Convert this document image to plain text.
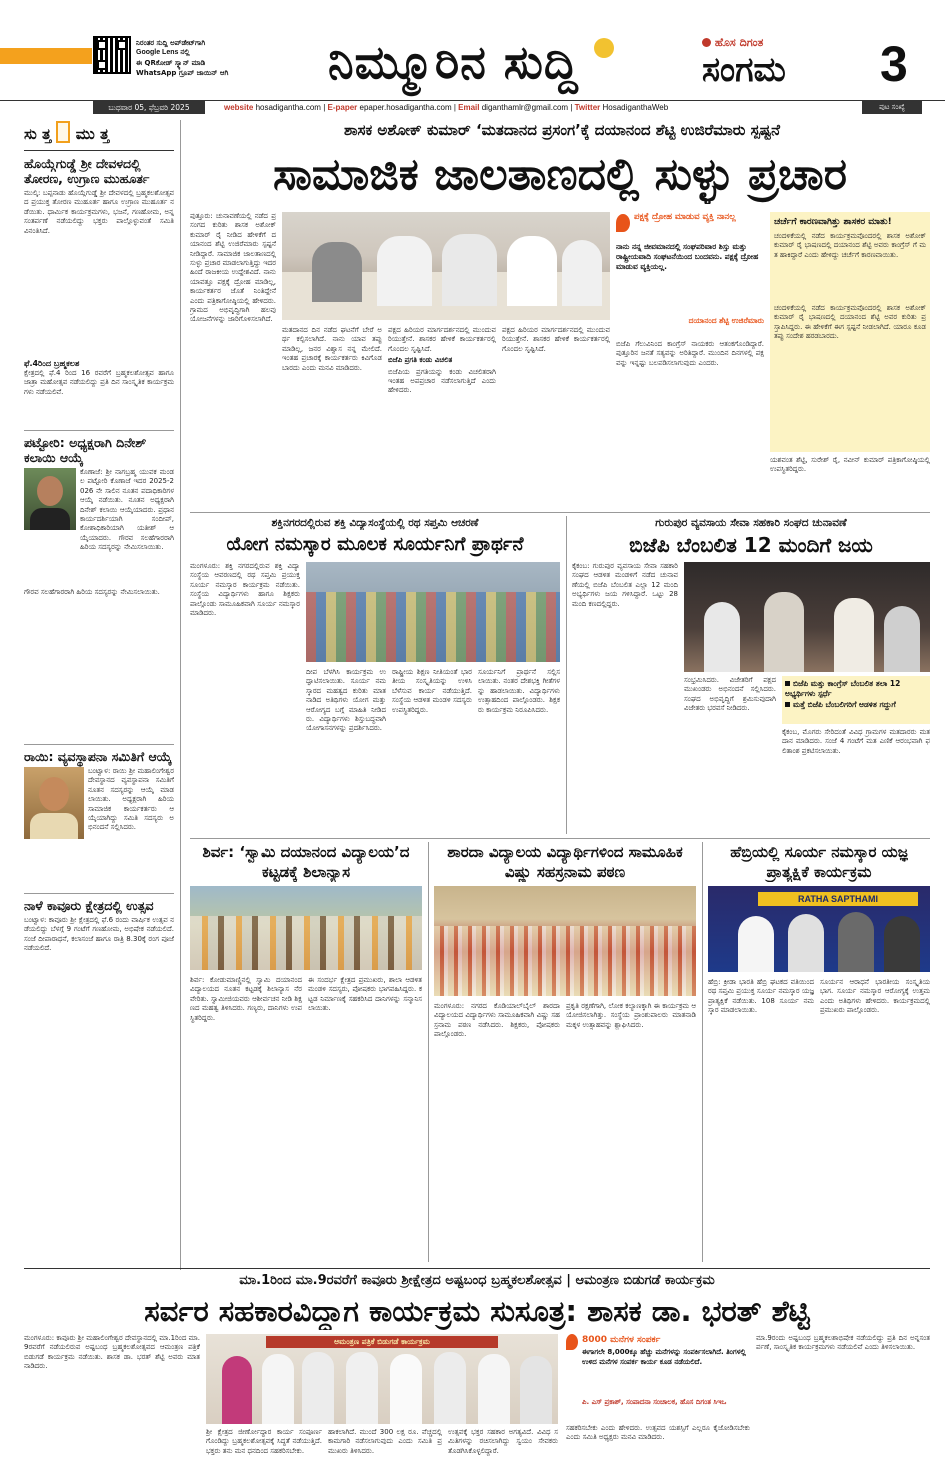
ನಿರಂತರ ಸುದ್ದಿ ಅಪ್‌ಡೇಟ್‌ಗಾಗಿ
Google Lens ನಲ್ಲಿ
ಈ QRಕೋಡ್ ಸ್ಕ್ಯಾನ್ ಮಾಡಿ
WhatsApp ಗ್ರೂಪ್ ಜಾಯಿನ್ ಆಗಿ	ನಿಮ್ಮೂರಿನ ಸುದ್ದಿ	ಹೊಸ ದಿಗಂತ
ಸಂಗಮ 3
ಬುಧವಾರ 05, ಫೆಬ್ರವರಿ 2025	website hosadigantha.com | E-paper epaper.hosadigantha.com | Email diganthamlr@gmail.com | Twitter HosadiganthaWeb	ಪುಟ ಸಂಖ್ಯೆ
ಸು ತ್ತ ಮು ತ್ತ
ಹೊಯ್ಗೆಗುಡ್ಡೆ ಶ್ರೀ ದೇವಳದಲ್ಲಿ ತೋರಣ, ಉಗ್ರಾಣ ಮುಹೂರ್ತ
ಮುಲ್ಕಿ: ಬಪ್ಪನಾಡು ಹೊಯ್ಗೆಗುಡ್ಡೆ ಶ್ರೀ ದೇವಳದಲ್ಲಿ ಬ್ರಹ್ಮಕಲಶೋತ್ಸವದ ಪ್ರಯುಕ್ತ ತೋರಣ ಮುಹೂರ್ತ ಹಾಗೂ ಉಗ್ರಾಣ ಮುಹೂರ್ತ ನಡೆಯಿತು. ಧಾರ್ಮಿಕ ಕಾರ್ಯಕ್ರಮಗಳು, ಭಜನೆ, ಗಣಹೋಮ, ಅನ್ನಸಂತರ್ಪಣೆ ನಡೆಯಲಿದ್ದು ಭಕ್ತರು ಪಾಲ್ಗೊಳ್ಳುವಂತೆ ಸಮಿತಿ ವಿನಂತಿಸಿದೆ.
ಫೆ.4ರಿಂದ ಬ್ರಹ್ಮಕಲಶ
ಕ್ಷೇತ್ರದಲ್ಲಿ ಫೆ.4 ರಿಂದ 16 ರವರೆಗೆ ಬ್ರಹ್ಮಕಲಶೋತ್ಸವ ಹಾಗೂ ಜಾತ್ರಾ ಮಹೋತ್ಸವ ನಡೆಯಲಿದ್ದು ಪ್ರತಿ ದಿನ ಸಾಂಸ್ಕೃತಿಕ ಕಾರ್ಯಕ್ರಮಗಳು ನಡೆಯಲಿವೆ.
ಪಟ್ಟೋರಿ: ಅಧ್ಯಕ್ಷರಾಗಿ ದಿನೇಶ್ ಕಲಾಯಿ ಆಯ್ಕೆ
ಕೊಣಾಜೆ: ಶ್ರೀ ನಾಗಬ್ರಹ್ಮ ಯುವಕ ಮಂಡಲ ಪಟ್ಟೋರಿ ಕೊಣಾಜೆ ಇದರ 2025-2026 ನೇ ಸಾಲಿನ ನೂತನ ಪದಾಧಿಕಾರಿಗಳ ಆಯ್ಕೆ ನಡೆಯಿತು. ನೂತನ ಅಧ್ಯಕ್ಷರಾಗಿ ದಿನೇಶ್ ಕಲಾಯಿ ಆಯ್ಕೆಯಾದರು. ಪ್ರಧಾನ ಕಾರ್ಯದರ್ಶಿಯಾಗಿ ಸಂದೀಪ್, ಕೋಶಾಧಿಕಾರಿಯಾಗಿ ಯತೀಶ್ ಆಯ್ಕೆಯಾದರು. ಗೌರವ ಸಲಹೆಗಾರರಾಗಿ ಹಿರಿಯ ಸದಸ್ಯರನ್ನು ನೇಮಿಸಲಾಯಿತು.
ಗೌರವ ಸಲಹೆಗಾರರಾಗಿ ಹಿರಿಯ ಸದಸ್ಯರನ್ನು ನೇಮಿಸಲಾಯಿತು.
ರಾಯಿ: ವ್ಯವಸ್ಥಾಪನಾ ಸಮಿತಿಗೆ ಆಯ್ಕೆ
ಬಂಟ್ವಾಳ: ರಾಯಿ ಶ್ರೀ ಮಹಾಲಿಂಗೇಶ್ವರ ದೇವಸ್ಥಾನದ ವ್ಯವಸ್ಥಾಪನಾ ಸಮಿತಿಗೆ ನೂತನ ಸದಸ್ಯರನ್ನು ಆಯ್ಕೆ ಮಾಡಲಾಯಿತು. ಅಧ್ಯಕ್ಷರಾಗಿ ಹಿರಿಯ ಸಾಮಾಜಿಕ ಕಾರ್ಯಕರ್ತರು ಆಯ್ಕೆಯಾಗಿದ್ದು ಸಮಿತಿ ಸದಸ್ಯರು ಅಭಿನಂದನೆ ಸಲ್ಲಿಸಿದರು.
ನಾಳೆ ಕಾವೂರು ಕ್ಷೇತ್ರದಲ್ಲಿ ಉತ್ಸವ
ಬಂಟ್ವಾಳ: ಕಾವೂರು ಶ್ರೀ ಕ್ಷೇತ್ರದಲ್ಲಿ ಫೆ.6 ರಂದು ವಾರ್ಷಿಕ ಉತ್ಸವ ನಡೆಯಲಿದ್ದು ಬೆಳಗ್ಗೆ 9 ಗಂಟೆಗೆ ಗಣಹೋಮ, ಅಭಿಷೇಕ ನಡೆಯಲಿದೆ. ಸಂಜೆ ದೀಪಾರಾಧನೆ, ಕಲಾಸಂಜೆ ಹಾಗೂ ರಾತ್ರಿ 8.30ಕ್ಕೆ ರಂಗ ಪೂಜೆ ನಡೆಯಲಿದೆ.
ಶಾಸಕ ಅಶೋಕ್ ಕುಮಾರ್ ‘ಮತದಾನದ ಪ್ರಸಂಗ’ಕ್ಕೆ ದಯಾನಂದ ಶೆಟ್ಟಿ ಉಜಿರೆಮಾರು ಸ್ಪಷ್ಟನೆ
ಸಾಮಾಜಿಕ ಜಾಲತಾಣದಲ್ಲಿ ಸುಳ್ಳು ಪ್ರಚಾರ
ಪುತ್ತೂರು: ಚುನಾವಣೆಯಲ್ಲಿ ನಡೆದ ಪ್ರಸಂಗದ ಕುರಿತು ಶಾಸಕ ಅಶೋಕ್ ಕುಮಾರ್ ರೈ ನೀಡಿದ ಹೇಳಿಕೆಗೆ ದಯಾನಂದ ಶೆಟ್ಟಿ ಉಜಿರೆಮಾರು ಸ್ಪಷ್ಟನೆ ನೀಡಿದ್ದಾರೆ. ಸಾಮಾಜಿಕ ಜಾಲತಾಣದಲ್ಲಿ ಸುಳ್ಳು ಪ್ರಚಾರ ಮಾಡಲಾಗುತ್ತಿದ್ದು ಇದರ ಹಿಂದೆ ರಾಜಕೀಯ ಉದ್ದೇಶವಿದೆ. ನಾನು ಯಾವತ್ತೂ ಪಕ್ಷಕ್ಕೆ ದ್ರೋಹ ಮಾಡಿಲ್ಲ, ಕಾರ್ಯಕರ್ತರ ಜೊತೆ ನಿಂತಿದ್ದೇನೆ ಎಂದು ಪತ್ರಿಕಾಗೋಷ್ಠಿಯಲ್ಲಿ ಹೇಳಿದರು. ಗ್ರಾಮದ ಅಭಿವೃದ್ಧಿಗಾಗಿ ಹಲವು ಯೋಜನೆಗಳನ್ನು ಜಾರಿಗೊಳಿಸಲಾಗಿದೆ.
ಮತದಾನದ ದಿನ ನಡೆದ ಘಟನೆಗೆ ಬೇರೆ ಅರ್ಥ ಕಲ್ಪಿಸಲಾಗಿದೆ. ನಾನು ಯಾವ ತಪ್ಪು ಮಾಡಿಲ್ಲ, ಜನರ ವಿಶ್ವಾಸ ನನ್ನ ಮೇಲಿದೆ. ಇಂತಹ ಪ್ರಚಾರಕ್ಕೆ ಕಾರ್ಯಕರ್ತರು ಕಿವಿಗೊಡಬಾರದು ಎಂದು ಮನವಿ ಮಾಡಿದರು.
ಪಕ್ಷದ ಹಿರಿಯರ ಮಾರ್ಗದರ್ಶನದಲ್ಲಿ ಮುಂದುವರಿಯುತ್ತೇನೆ. ಶಾಸಕರ ಹೇಳಿಕೆ ಕಾರ್ಯಕರ್ತರಲ್ಲಿ ಗೊಂದಲ ಸೃಷ್ಟಿಸಿದೆ.
ಬಿಜೆಪಿ ಪ್ರಗತಿ ಕಂಡು ವಿಚಲಿತ
ಬಿಜೆಪಿಯ ಪ್ರಗತಿಯನ್ನು ಕಂಡು ವಿಚಲಿತರಾಗಿ ಇಂತಹ ಅಪಪ್ರಚಾರ ನಡೆಸಲಾಗುತ್ತಿದೆ ಎಂದು ಹೇಳಿದರು.
ಪಕ್ಷದ ಹಿರಿಯರ ಮಾರ್ಗದರ್ಶನದಲ್ಲಿ ಮುಂದುವರಿಯುತ್ತೇನೆ. ಶಾಸಕರ ಹೇಳಿಕೆ ಕಾರ್ಯಕರ್ತರಲ್ಲಿ ಗೊಂದಲ ಸೃಷ್ಟಿಸಿದೆ.
ಪಕ್ಷಕ್ಕೆ ದ್ರೋಹ ಮಾಡುವ ವ್ಯಕ್ತಿ ನಾನಲ್ಲ
ನಾನು ನನ್ನ ಜೀವಮಾನದಲ್ಲಿ ಸಂಘಪರಿವಾರ ಶಿಸ್ತು ಮತ್ತು ರಾಷ್ಟ್ರೀಯವಾದಿ ಸಂಘಟನೆಯಿಂದ ಬಂದವನು. ಪಕ್ಷಕ್ಕೆ ದ್ರೋಹ ಮಾಡುವ ವ್ಯಕ್ತಿಯಲ್ಲ.
ದಯಾನಂದ ಶೆಟ್ಟಿ ಉಜಿರೆಮಾರು
ಬಿಜೆಪಿ ಗೆಲುವಿನಿಂದ ಕಾಂಗ್ರೆಸ್ ನಾಯಕರು ಆತಂಕಗೊಂಡಿದ್ದಾರೆ. ಪುತ್ತೂರಿನ ಜನತೆ ಸತ್ಯವನ್ನು ಅರಿತಿದ್ದಾರೆ. ಮುಂದಿನ ದಿನಗಳಲ್ಲಿ ಪಕ್ಷವನ್ನು ಇನ್ನಷ್ಟು ಬಲಪಡಿಸಲಾಗುವುದು ಎಂದರು.
ಚರ್ಚೆಗೆ ಕಾರಣವಾಗಿತ್ತು ಶಾಸಕರ ಮಾತು!
ಚಂದಳಿಕೆಯಲ್ಲಿ ನಡೆದ ಕಾರ್ಯಕ್ರಮವೊಂದರಲ್ಲಿ ಶಾಸಕ ಅಶೋಕ್ ಕುಮಾರ್ ರೈ ಭಾಷಣದಲ್ಲಿ ದಯಾನಂದ ಶೆಟ್ಟಿ ಅವರು ಕಾಂಗ್ರೆಸ್ ಗೆ ಮತ ಹಾಕಿದ್ದಾರೆ ಎಂದು ಹೇಳಿದ್ದು ಚರ್ಚೆಗೆ ಕಾರಣವಾಯಿತು.
ಚಂದಳಿಕೆಯಲ್ಲಿ ನಡೆದ ಕಾರ್ಯಕ್ರಮವೊಂದರಲ್ಲಿ ಶಾಸಕ ಅಶೋಕ್ ಕುಮಾರ್ ರೈ ಭಾಷಣದಲ್ಲಿ ದಯಾನಂದ ಶೆಟ್ಟಿ ಅವರ ಕುರಿತು ಪ್ರಸ್ತಾಪಿಸಿದ್ದರು. ಈ ಹೇಳಿಕೆಗೆ ಈಗ ಸ್ಪಷ್ಟನೆ ನೀಡಲಾಗಿದೆ. ಯಾರೂ ಕೂಡ ತಪ್ಪು ಸಂದೇಶ ಹರಡಬಾರದು.
ಯಶವಂತ ಶೆಟ್ಟಿ, ಸುರೇಶ್ ರೈ, ನವೀನ್ ಕುಮಾರ್ ಪತ್ರಿಕಾಗೋಷ್ಠಿಯಲ್ಲಿ ಉಪಸ್ಥಿತರಿದ್ದರು.
ಶಕ್ತಿನಗರದಲ್ಲಿರುವ ಶಕ್ತಿ ವಿದ್ಯಾಸಂಸ್ಥೆಯಲ್ಲಿ ರಥ ಸಪ್ತಮಿ ಆಚರಣೆ
ಯೋಗ ನಮಸ್ಕಾರ ಮೂಲಕ ಸೂರ್ಯನಿಗೆ ಪ್ರಾರ್ಥನೆ
ಮಂಗಳೂರು: ಶಕ್ತಿ ನಗರದಲ್ಲಿರುವ ಶಕ್ತಿ ವಿದ್ಯಾ ಸಂಸ್ಥೆಯ ಆವರಣದಲ್ಲಿ ರಥ ಸಪ್ತಮಿ ಪ್ರಯುಕ್ತ ಸೂರ್ಯ ನಮಸ್ಕಾರ ಕಾರ್ಯಕ್ರಮ ನಡೆಯಿತು. ಸಂಸ್ಥೆಯ ವಿದ್ಯಾರ್ಥಿಗಳು ಹಾಗೂ ಶಿಕ್ಷಕರು ಪಾಲ್ಗೊಂಡು ಸಾಮೂಹಿಕವಾಗಿ ಸೂರ್ಯ ನಮಸ್ಕಾರ ಮಾಡಿದರು.
ದೀಪ ಬೆಳಗಿಸಿ ಕಾರ್ಯಕ್ರಮ ಉದ್ಘಾಟಿಸಲಾಯಿತು. ಸೂರ್ಯ ನಮಸ್ಕಾರದ ಮಹತ್ವದ ಕುರಿತು ಮಾತನಾಡಿದ ಅತಿಥಿಗಳು ಯೋಗ ಮತ್ತು ಆರೋಗ್ಯದ ಬಗ್ಗೆ ಮಾಹಿತಿ ನೀಡಿದರು. ವಿದ್ಯಾರ್ಥಿಗಳು ಶಿಸ್ತುಬದ್ಧವಾಗಿ ಯೋಗಾಸನಗಳನ್ನು ಪ್ರದರ್ಶಿಸಿದರು.
ರಾಷ್ಟ್ರೀಯ ಶಿಕ್ಷಣ ನೀತಿಯಂತೆ ಭಾರತೀಯ ಸಂಸ್ಕೃತಿಯನ್ನು ಉಳಿಸಿ ಬೆಳೆಸುವ ಕಾರ್ಯ ನಡೆಯುತ್ತಿದೆ. ಸಂಸ್ಥೆಯ ಆಡಳಿತ ಮಂಡಳಿ ಸದಸ್ಯರು ಉಪಸ್ಥಿತರಿದ್ದರು.
ಸೂರ್ಯನಿಗೆ ಪ್ರಾರ್ಥನೆ ಸಲ್ಲಿಸಲಾಯಿತು. ನಂತರ ದೇಶಭಕ್ತಿ ಗೀತೆಗಳನ್ನು ಹಾಡಲಾಯಿತು. ವಿದ್ಯಾರ್ಥಿಗಳು ಉತ್ಸಾಹದಿಂದ ಪಾಲ್ಗೊಂಡರು. ಶಿಕ್ಷಕರು ಕಾರ್ಯಕ್ರಮ ನಿರೂಪಿಸಿದರು.
ಗುರುಪುರ ವ್ಯವಸಾಯ ಸೇವಾ ಸಹಕಾರಿ ಸಂಘದ ಚುನಾವಣೆ
ಬಿಜೆಪಿ ಬೆಂಬಲಿತ 12 ಮಂದಿಗೆ ಜಯ
ಕೈಕಂಬ: ಗುರುಪುರ ವ್ಯವಸಾಯ ಸೇವಾ ಸಹಕಾರಿ ಸಂಘದ ಆಡಳಿತ ಮಂಡಳಿಗೆ ನಡೆದ ಚುನಾವಣೆಯಲ್ಲಿ ಬಿಜೆಪಿ ಬೆಂಬಲಿತ ಎಲ್ಲಾ 12 ಮಂದಿ ಅಭ್ಯರ್ಥಿಗಳು ಜಯ ಗಳಿಸಿದ್ದಾರೆ. ಒಟ್ಟು 28 ಮಂದಿ ಕಣದಲ್ಲಿದ್ದರು.
ಸಂಭ್ರಮಿಸಿದರು. ವಿಜೇತರಿಗೆ ಪಕ್ಷದ ಮುಖಂಡರು ಅಭಿನಂದನೆ ಸಲ್ಲಿಸಿದರು. ಸಂಘದ ಅಭಿವೃದ್ಧಿಗೆ ಶ್ರಮಿಸುವುದಾಗಿ ವಿಜೇತರು ಭರವಸೆ ನೀಡಿದರು.
ಬಿಜೆಪಿ ಮತ್ತು ಕಾಂಗ್ರೆಸ್ ಬೆಂಬಲಿತ ತಲಾ 12 ಅಭ್ಯರ್ಥಿಗಳು ಸ್ಪರ್ಧೆ
ಮತ್ತೆ ಬಿಜೆಪಿ ಬೆಂಬಲಿಗರಿಗೆ ಆಡಳಿತ ಗದ್ದುಗೆ
ಕೈಕಂಬ, ಮೊಗರು ಸೇರಿದಂತೆ ವಿವಿಧ ಗ್ರಾಮಗಳ ಮತದಾರರು ಮತದಾನ ಮಾಡಿದರು. ಸಂಜೆ 4 ಗಂಟೆಗೆ ಮತ ಎಣಿಕೆ ಆರಂಭವಾಗಿ ಫಲಿತಾಂಶ ಪ್ರಕಟಿಸಲಾಯಿತು.
ಶಿರ್ವ: ‘ಸ್ವಾಮಿ ದಯಾನಂದ ವಿದ್ಯಾಲಯ’ದ ಕಟ್ಟಡಕ್ಕೆ ಶಿಲಾನ್ಯಾಸ
ಶಿರ್ವ: ಕೋಡುಮಾಣ್ಣಿನಲ್ಲಿ ಸ್ವಾಮಿ ದಯಾನಂದ ವಿದ್ಯಾಲಯದ ನೂತನ ಕಟ್ಟಡಕ್ಕೆ ಶಿಲಾನ್ಯಾಸ ನೆರವೇರಿತು. ಸ್ವಾಮೀಜಿಯವರು ಆಶೀರ್ವಚನ ನೀಡಿ ಶಿಕ್ಷಣದ ಮಹತ್ವ ತಿಳಿಸಿದರು. ಗಣ್ಯರು, ದಾನಿಗಳು ಉಪಸ್ಥಿತರಿದ್ದರು.
ಈ ಸಂದರ್ಭ ಕ್ಷೇತ್ರದ ಪ್ರಮುಖರು, ಶಾಲಾ ಆಡಳಿತ ಮಂಡಳಿ ಸದಸ್ಯರು, ಪೋಷಕರು ಭಾಗವಹಿಸಿದ್ದರು. ಕಟ್ಟಡ ನಿರ್ಮಾಣಕ್ಕೆ ಸಹಕರಿಸಿದ ದಾನಿಗಳನ್ನು ಸನ್ಮಾನಿಸಲಾಯಿತು.
ಶಾರದಾ ವಿದ್ಯಾಲಯ ವಿದ್ಯಾರ್ಥಿಗಳಿಂದ ಸಾಮೂಹಿಕ ವಿಷ್ಣು ಸಹಸ್ರನಾಮ ಪಠಣ
ಮಂಗಳೂರು: ನಗರದ ಕೊಡಿಯಾಲ್‌ಬೈಲ್ ಶಾರದಾ ವಿದ್ಯಾಲಯದ ವಿದ್ಯಾರ್ಥಿಗಳು ಸಾಮೂಹಿಕವಾಗಿ ವಿಷ್ಣು ಸಹಸ್ರನಾಮ ಪಠಣ ನಡೆಸಿದರು. ಶಿಕ್ಷಕರು, ಪೋಷಕರು ಪಾಲ್ಗೊಂಡರು.
ಪ್ರಕೃತಿ ರಕ್ಷಣೆಗಾಗಿ, ಲೋಕ ಕಲ್ಯಾಣಕ್ಕಾಗಿ ಈ ಕಾರ್ಯಕ್ರಮ ಆಯೋಜಿಸಲಾಗಿತ್ತು. ಸಂಸ್ಥೆಯ ಪ್ರಾಂಶುಪಾಲರು ಮಾತನಾಡಿ ಮಕ್ಕಳ ಉತ್ಸಾಹವನ್ನು ಶ್ಲಾಘಿಸಿದರು.
ಹೆಬ್ರಿಯಲ್ಲಿ ಸೂರ್ಯ ನಮಸ್ಕಾರ ಯಜ್ಞ ಪ್ರಾತ್ಯಕ್ಷಿಕೆ ಕಾರ್ಯಕ್ರಮ
RATHA SAPTHAMI
ಹೆಬ್ರಿ: ಕ್ರೀಡಾ ಭಾರತಿ ಹೆಬ್ರಿ ಘಟಕದ ವತಿಯಿಂದ ರಥ ಸಪ್ತಮಿ ಪ್ರಯುಕ್ತ ಸೂರ್ಯ ನಮಸ್ಕಾರ ಯಜ್ಞ ಪ್ರಾತ್ಯಕ್ಷಿಕೆ ನಡೆಯಿತು. 108 ಸೂರ್ಯ ನಮಸ್ಕಾರ ಮಾಡಲಾಯಿತು.
ಸೂರ್ಯನ ಆರಾಧನೆ ಭಾರತೀಯ ಸಂಸ್ಕೃತಿಯ ಭಾಗ. ಸೂರ್ಯ ನಮಸ್ಕಾರ ಆರೋಗ್ಯಕ್ಕೆ ಉತ್ತಮ ಎಂದು ಅತಿಥಿಗಳು ಹೇಳಿದರು. ಕಾರ್ಯಕ್ರಮದಲ್ಲಿ ಪ್ರಮುಖರು ಪಾಲ್ಗೊಂಡರು.
ಮಾ.1ರಿಂದ ಮಾ.9ರವರೆಗೆ ಕಾವೂರು ಶ್ರೀಕ್ಷೇತ್ರದ ಅಷ್ಟಬಂಧ ಬ್ರಹ್ಮಕಲಶೋತ್ಸವ | ಆಮಂತ್ರಣ ಬಿಡುಗಡೆ ಕಾರ್ಯಕ್ರಮ
ಸರ್ವರ ಸಹಕಾರವಿದ್ದಾಗ ಕಾರ್ಯಕ್ರಮ ಸುಸೂತ್ರ: ಶಾಸಕ ಡಾ. ಭರತ್ ಶೆಟ್ಟಿ
ಮಂಗಳೂರು: ಕಾವೂರು ಶ್ರೀ ಮಹಾಲಿಂಗೇಶ್ವರ ದೇವಸ್ಥಾನದಲ್ಲಿ ಮಾ.1ರಿಂದ ಮಾ.9ರವರೆಗೆ ನಡೆಯಲಿರುವ ಅಷ್ಟಬಂಧ ಬ್ರಹ್ಮಕಲಶೋತ್ಸವದ ಆಮಂತ್ರಣ ಪತ್ರಿಕೆ ಬಿಡುಗಡೆ ಕಾರ್ಯಕ್ರಮ ನಡೆಯಿತು. ಶಾಸಕ ಡಾ. ಭರತ್ ಶೆಟ್ಟಿ ಅವರು ಮಾತನಾಡಿದರು.
ಆಮಂತ್ರಣ ಪತ್ರಿಕೆ ಬಿಡುಗಡೆ ಕಾರ್ಯಕ್ರಮ
ಶ್ರೀ ಕ್ಷೇತ್ರದ ಜೀರ್ಣೋದ್ಧಾರ ಕಾರ್ಯ ಸಂಪೂರ್ಣಗೊಂಡಿದ್ದು ಬ್ರಹ್ಮಕಲಶೋತ್ಸವಕ್ಕೆ ಸಿದ್ಧತೆ ನಡೆಯುತ್ತಿದೆ. ಭಕ್ತರು ತನು ಮನ ಧನದಿಂದ ಸಹಕರಿಸಬೇಕು.
ಹಾಕಲಾಗಿದೆ. ಮುಂದೆ 300 ಲಕ್ಷ ರೂ. ವೆಚ್ಚದಲ್ಲಿ ಕಾಮಗಾರಿ ನಡೆಸಲಾಗುವುದು ಎಂದು ಸಮಿತಿ ಪ್ರಮುಖರು ತಿಳಿಸಿದರು.
ಉತ್ಸವಕ್ಕೆ ಭಕ್ತರ ಸಹಕಾರ ಅಗತ್ಯವಿದೆ. ವಿವಿಧ ಸಮಿತಿಗಳನ್ನು ರಚಿಸಲಾಗಿದ್ದು ಸ್ವಯಂ ಸೇವಕರು ತೊಡಗಿಸಿಕೊಳ್ಳಲಿದ್ದಾರೆ.
8000 ಮನೆಗಳ ಸಂಪರ್ಕ
ಈಗಾಗಲೇ 8,000ಕ್ಕೂ ಹೆಚ್ಚು ಮನೆಗಳನ್ನು ಸಂಪರ್ಕಿಸಲಾಗಿದೆ. ತಿಂಗಳಲ್ಲಿ ಉಳಿದ ಮನೆಗಳ ಸಂಪರ್ಕ ಕಾರ್ಯ ಕೂಡ ನಡೆಯಲಿದೆ.
ಪಿ. ಎಸ್ ಪ್ರಕಾಶ್, ಸಂಪಾದನಾ ಸಂಚಾಲಕ, ಹೊಸ ದಿಗಂತ ಸಿಇಒ
ಸಹಕರಿಸಬೇಕು ಎಂದು ಹೇಳಿದರು. ಉತ್ಸವದ ಯಶಸ್ಸಿಗೆ ಎಲ್ಲರೂ ಕೈಜೋಡಿಸಬೇಕು ಎಂದು ಸಮಿತಿ ಅಧ್ಯಕ್ಷರು ಮನವಿ ಮಾಡಿದರು.
ಮಾ.9ರಂದು ಅಷ್ಟಬಂಧ ಬ್ರಹ್ಮಕಲಶಾಭಿಷೇಕ ನಡೆಯಲಿದ್ದು ಪ್ರತಿ ದಿನ ಅನ್ನಸಂತರ್ಪಣೆ, ಸಾಂಸ್ಕೃತಿಕ ಕಾರ್ಯಕ್ರಮಗಳು ನಡೆಯಲಿವೆ ಎಂದು ತಿಳಿಸಲಾಯಿತು.
